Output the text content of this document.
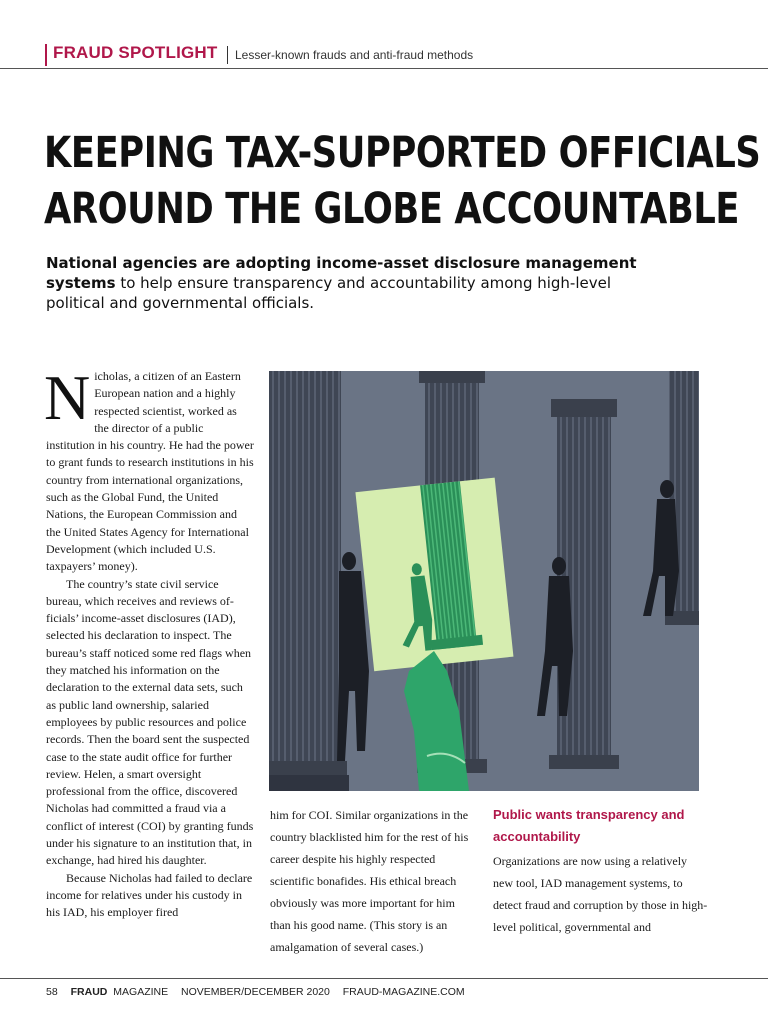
FRAUD SPOTLIGHT Lesser-known frauds and anti-fraud methods
KEEPING TAX-SUPPORTED OFFICIALS
AROUND THE GLOBE ACCOUNTABLE
National agencies are adopting income-asset disclosure management systems to help ensure transparency and accountability among high-level political and governmental officials.

Nicholas, a citizen of an Eastern European nation and a highly respected scientist, worked as the director of a public institution in his country. He had the power to grant funds to research institutions in his country from international organizations, such as the Global Fund, the United Nations, the European Commission and the United States Agency for International Development (which included U.S. taxpayers’ money).

The country’s state civil service bureau, which receives and reviews of-ficials’ income-asset disclosures (IAD), selected his declaration to inspect. The bureau’s staff noticed some red flags when they matched his information on the declaration to the external data sets, such as public land ownership, salaried employees by public resources and police records. Then the board sent the suspected case to the state audit office for further review. Helen, a smart oversight professional from the office, discovered Nicholas had committed a fraud via a conflict of interest (COI) by granting funds under his signature to an institution that, in exchange, had hired his daughter.

Because Nicholas had failed to declare income for relatives under his custody in his IAD, his employer fired

him for COI. Similar organizations in the country blacklisted him for the rest of his career despite his highly respected scientific bonafides. His ethical breach obviously was more important for him than his good name. (This story is an amalgamation of several cases.)

Public wants transparency and accountability

Organizations are now using a relatively new tool, IAD management systems, to detect fraud and corruption by those in high-level political, governmental and

58 FRAUD MAGAZINE NOVEMBER/DECEMBER 2020 FRAUD-MAGAZINE.COM
